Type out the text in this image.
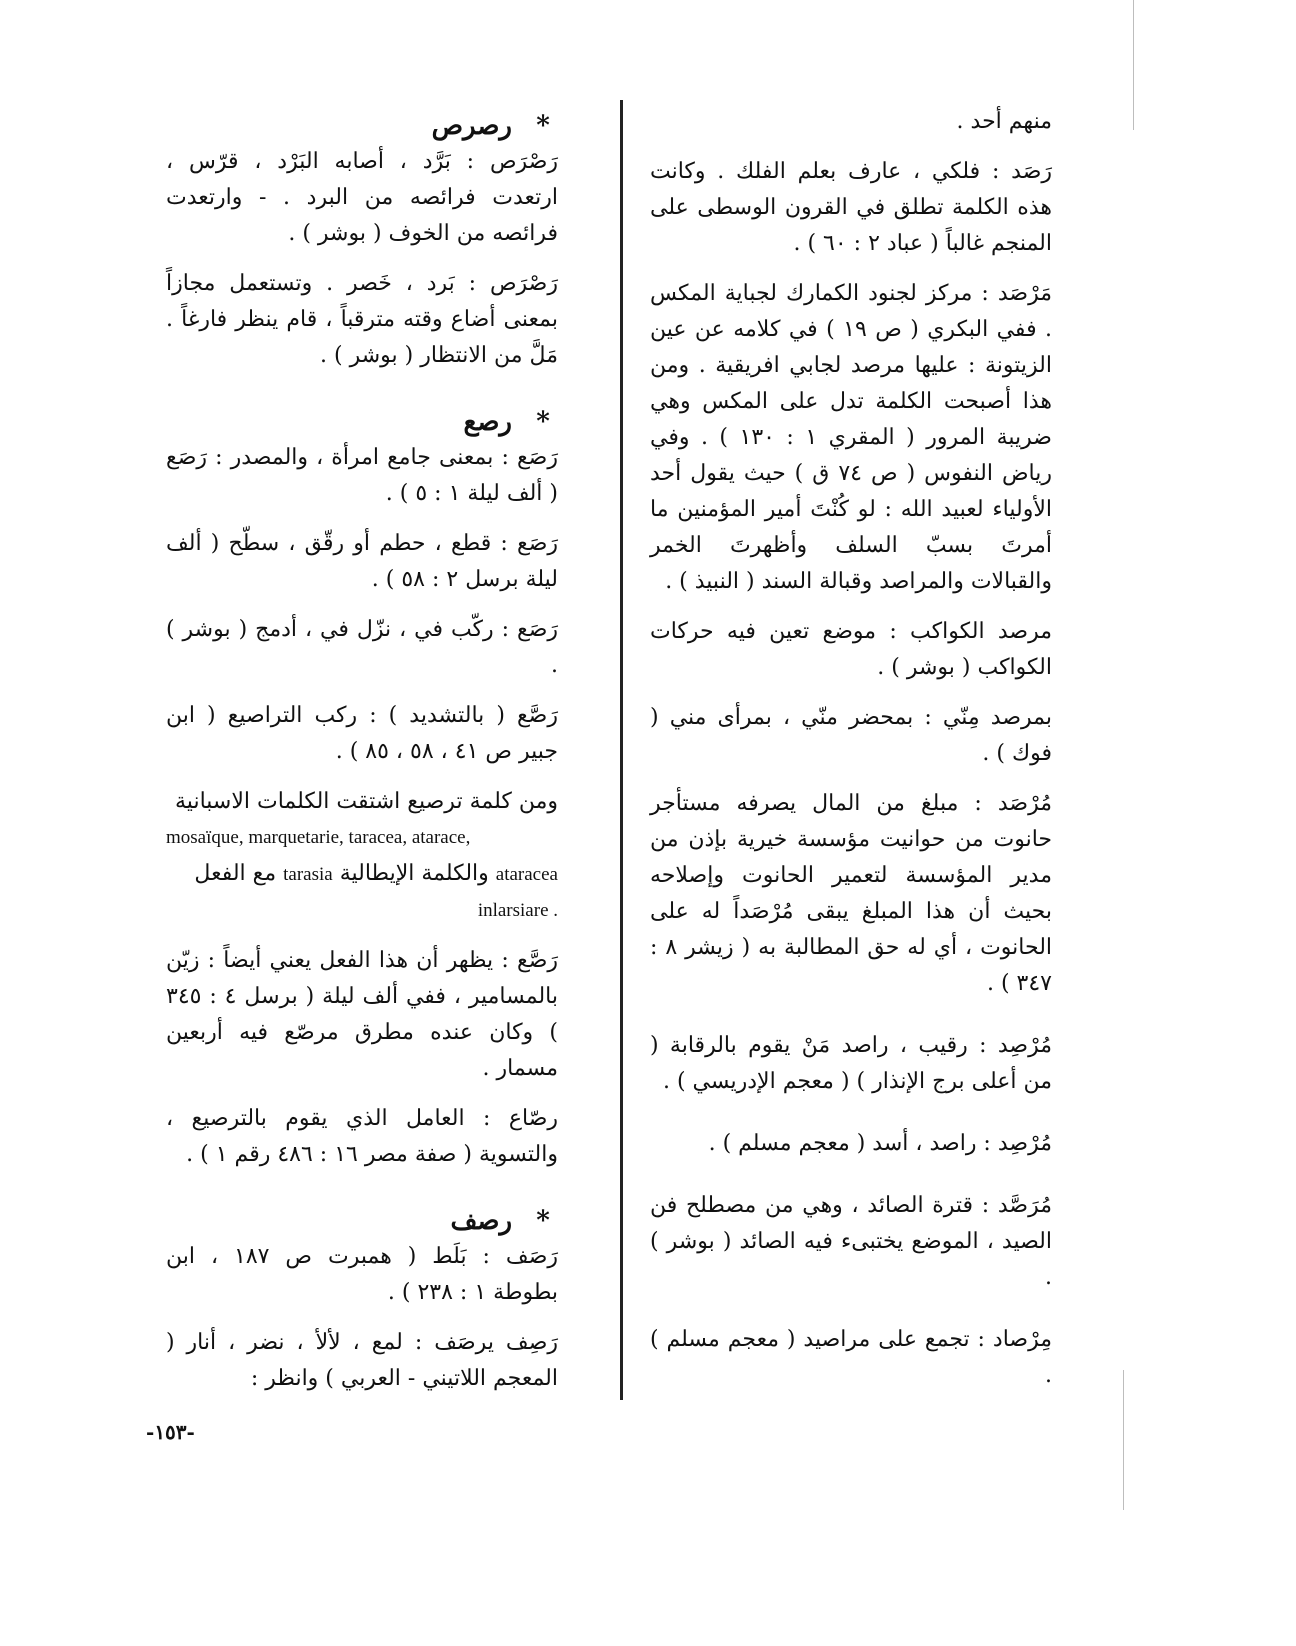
منهم أحد .

رَصَد : فلكي ، عارف بعلم الفلك . وكانت هذه الكلمة تطلق في القرون الوسطى على المنجم غالباً ( عباد ٢ : ٦٠ ) .

مَرْصَد : مركز لجنود الكمارك لجباية المكس . ففي البكري ( ص ١٩ ) في كلامه عن عين الزيتونة : عليها مرصد لجابي افريقية . ومن هذا أصبحت الكلمة تدل على المكس وهي ضريبة المرور ( المقري ١ : ١٣٠ ) . وفي رياض النفوس ( ص ٧٤ ق ) حيث يقول أحد الأولياء لعبيد الله : لو كُنْتَ أمير المؤمنين ما أمرتَ بسبّ السلف وأظهرتَ الخمر والقبالات والمراصد وقبالة السند ( النبيذ ) .

مرصد الكواكب : موضع تعين فيه حركات الكواكب ( بوشر ) .

بمرصد مِنّي : بمحضر منّي ، بمرأى مني ( فوك ) .

مُرْصَد : مبلغ من المال يصرفه مستأجر حانوت من حوانيت مؤسسة خيرية بإذن من مدير المؤسسة لتعمير الحانوت وإصلاحه بحيث أن هذا المبلغ يبقى مُرْصَداً له على الحانوت ، أي له حق المطالبة به ( زيشر ٨ : ٣٤٧ ) .

مُرْصِد : رقيب ، راصد مَنْ يقوم بالرقابة ( من أعلى برج الإنذار ) ( معجم الإدريسي ) .

مُرْصِد : راصد ، أسد ( معجم مسلم ) .

مُرَصَّد : قترة الصائد ، وهي من مصطلح فن الصيد ، الموضع يختبىء فيه الصائد ( بوشر ) .

مِرْصاد : تجمع على مراصيد ( معجم مسلم ) .

*
رصرص

رَصْرَص : بَرَّد ، أصابه البَرْد ، قرّس ، ارتعدت فرائصه من البرد . - وارتعدت فرائصه من الخوف ( بوشر ) .

رَصْرَص : بَرد ، خَصر . وتستعمل مجازاً بمعنى أضاع وقته مترقباً ، قام ينظر فارغاً . مَلَّ من الانتظار ( بوشر ) .

*
رصع

رَصَع : بمعنى جامع امرأة ، والمصدر : رَصَع ( ألف ليلة ١ : ٥ ) .

رَصَع : قطع ، حطم أو رقّق ، سطّح ( ألف ليلة برسل ٢ : ٥٨ ) .

رَصَع : ركّب في ، نزّل في ، أدمج ( بوشر ) .

رَصَّع ( بالتشديد ) : ركب التراصيع ( ابن جبير ص ٤١ ، ٥٨ ، ٨٥ ) .

ومن كلمة ترصيع اشتقت الكلمات الاسبانية

mosaïque, marquetarie, taracea, atarace,

ataracea والكلمة الإيطالية tarasia مع الفعل

inlarsiare .

رَصَّع : يظهر أن هذا الفعل يعني أيضاً : زيّن بالمسامير ، ففي ألف ليلة ( برسل ٤ : ٣٤٥ ) وكان عنده مطرق مرصّع فيه أربعين مسمار .

رصّاع : العامل الذي يقوم بالترصيع ، والتسوية ( صفة مصر ١٦ : ٤٨٦ رقم ١ ) .

*
رصف

رَصَف : بَلَط ( همبرت ص ١٨٧ ، ابن بطوطة ١ : ٢٣٨ ) .

رَصِف يرصَف : لمع ، لألأ ، نضر ، أنار ( المعجم اللاتيني - العربي ) وانظر :

-١٥٣-
